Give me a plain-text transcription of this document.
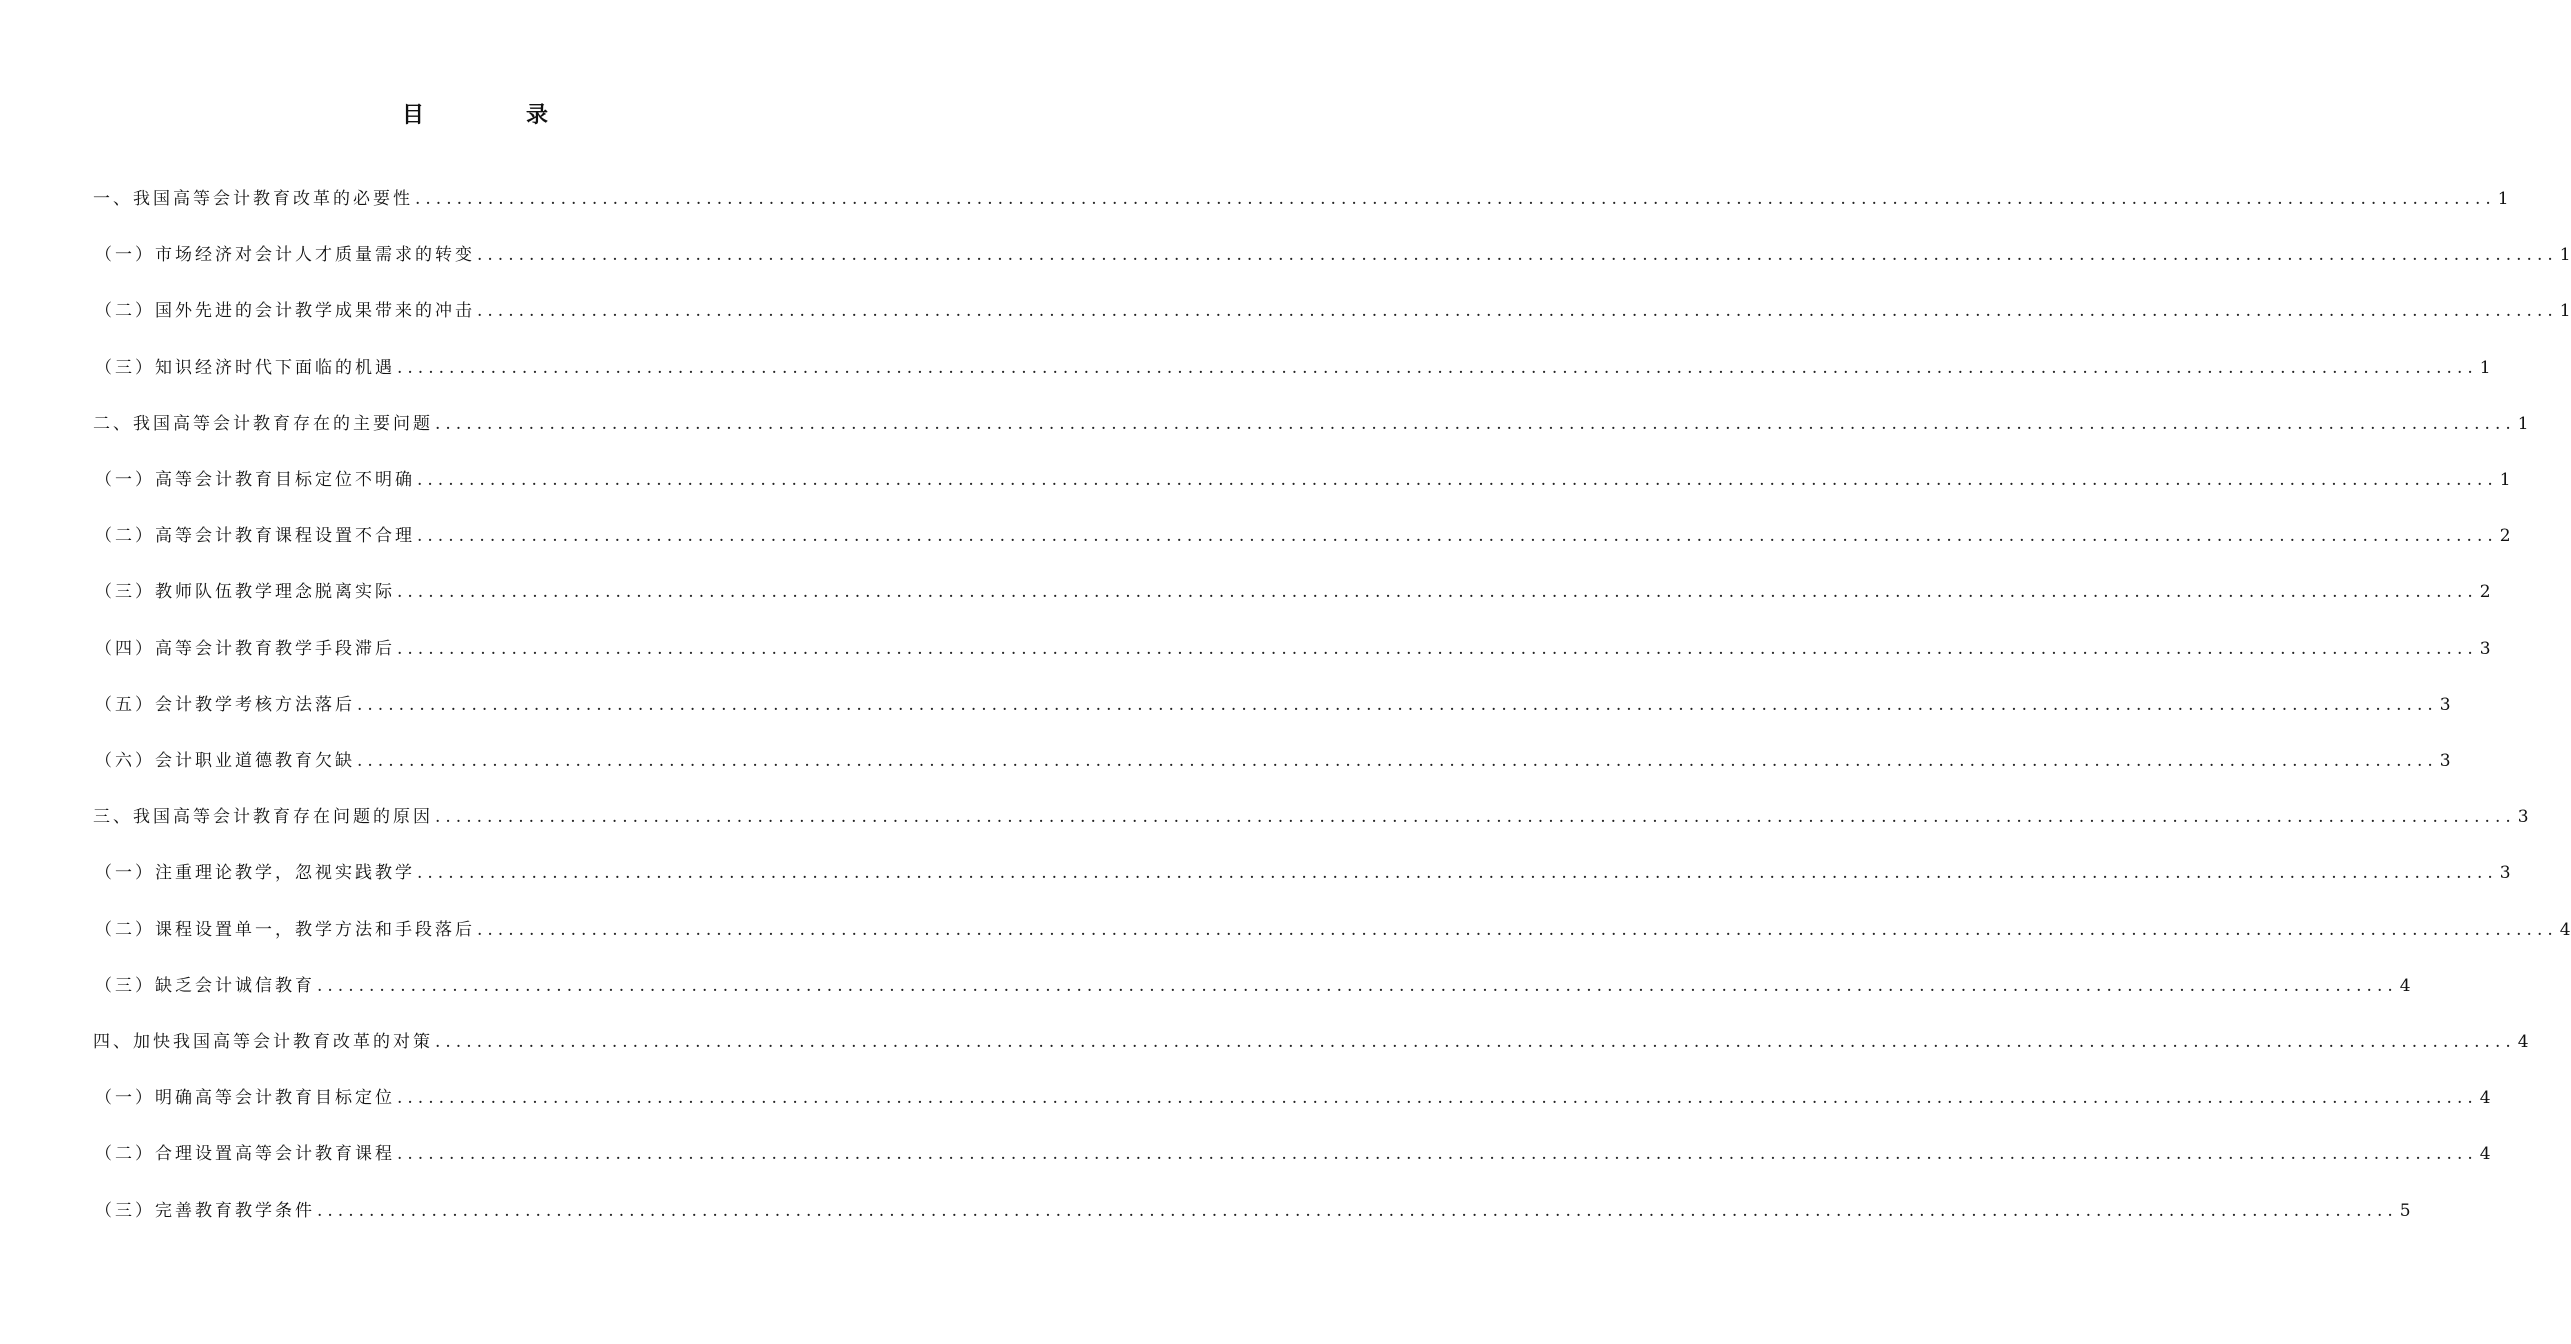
目　录
一、我国高等会计教育改革的必要性 ........................................................................................................................................................................................................ 1
（一）市场经济对会计人才质量需求的转变 ........................................................................................................................................................................................................ 1
（二）国外先进的会计教学成果带来的冲击 ........................................................................................................................................................................................................ 1
（三）知识经济时代下面临的机遇 ........................................................................................................................................................................................................ 1
二、我国高等会计教育存在的主要问题 ........................................................................................................................................................................................................ 1
（一）高等会计教育目标定位不明确 ........................................................................................................................................................................................................ 1
（二）高等会计教育课程设置不合理 ........................................................................................................................................................................................................ 2
（三）教师队伍教学理念脱离实际 ........................................................................................................................................................................................................ 2
（四）高等会计教育教学手段滞后 ........................................................................................................................................................................................................ 3
（五）会计教学考核方法落后 ........................................................................................................................................................................................................ 3
（六）会计职业道德教育欠缺 ........................................................................................................................................................................................................ 3
三、我国高等会计教育存在问题的原因 ........................................................................................................................................................................................................ 3
（一）注重理论教学，忽视实践教学 ........................................................................................................................................................................................................ 3
（二）课程设置单一，教学方法和手段落后 ........................................................................................................................................................................................................ 4
（三）缺乏会计诚信教育 ........................................................................................................................................................................................................ 4
四、加快我国高等会计教育改革的对策 ........................................................................................................................................................................................................ 4
（一）明确高等会计教育目标定位 ........................................................................................................................................................................................................ 4
（二）合理设置高等会计教育课程 ........................................................................................................................................................................................................ 4
（三）完善教育教学条件 ........................................................................................................................................................................................................ 5
